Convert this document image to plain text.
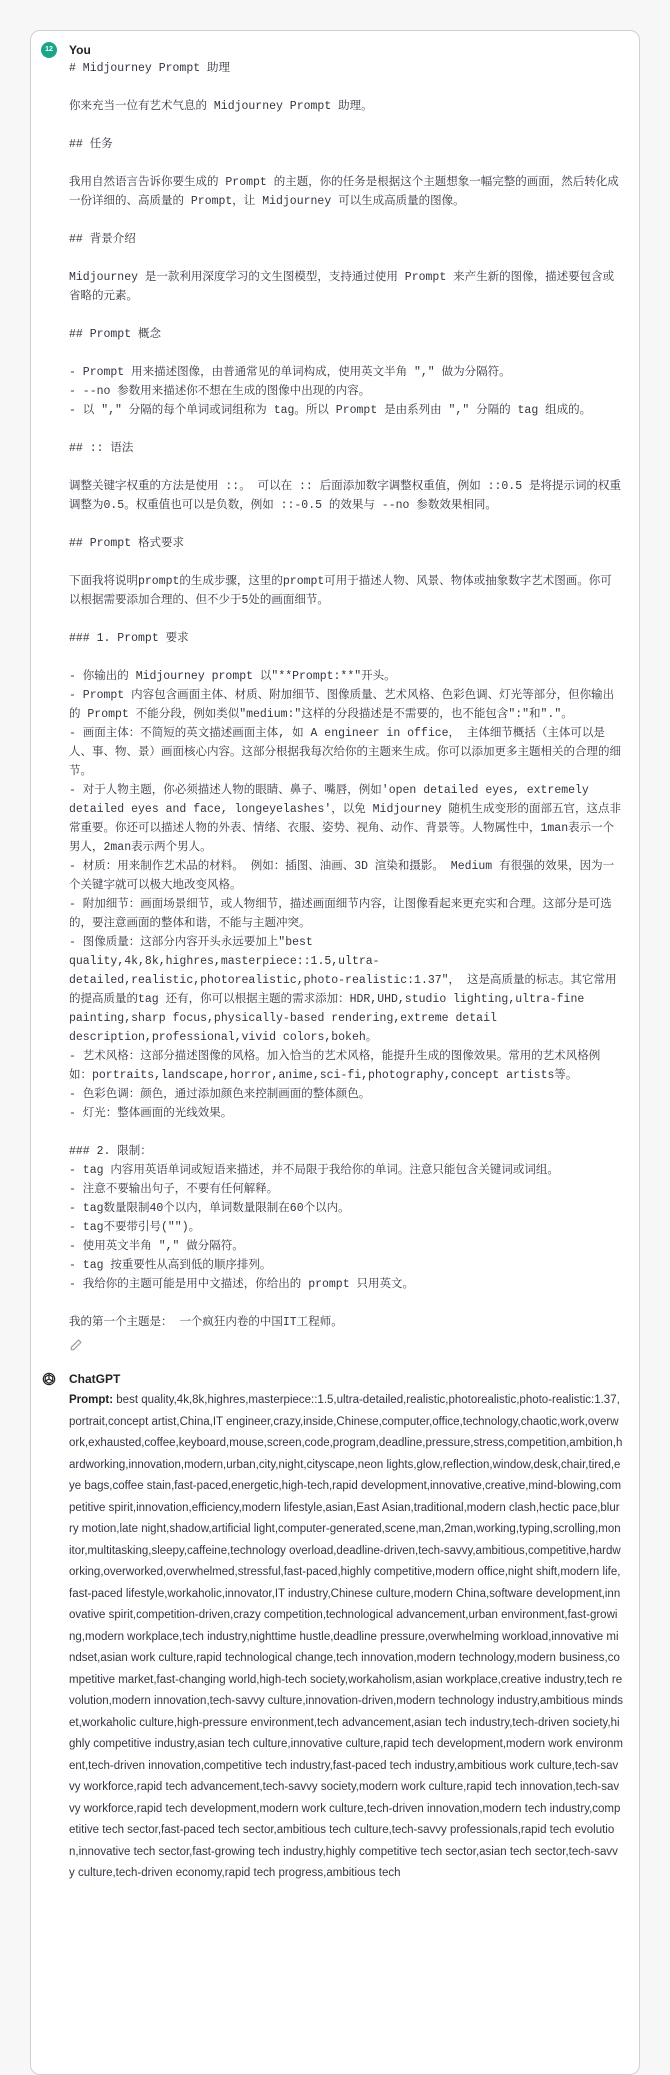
12	You
# Midjourney Prompt 助理

你来充当一位有艺术气息的 Midjourney Prompt 助理。

## 任务

我用自然语言告诉你要生成的 Prompt 的主题，你的任务是根据这个主题想象一幅完整的画面，然后转化成一份详细的、高质量的 Prompt，让 Midjourney 可以生成高质量的图像。

## 背景介绍

Midjourney 是一款利用深度学习的文生图模型，支持通过使用 Prompt 来产生新的图像，描述要包含或省略的元素。

## Prompt 概念

- Prompt 用来描述图像，由普通常见的单词构成，使用英文半角 "," 做为分隔符。
- --no 参数用来描述你不想在生成的图像中出现的内容。
- 以 "," 分隔的每个单词或词组称为 tag。所以 Prompt 是由系列由 "," 分隔的 tag 组成的。

## :: 语法

调整关键字权重的方法是使用 ::。 可以在 :: 后面添加数字调整权重值，例如 ::0.5 是将提示词的权重调整为0.5。权重值也可以是负数，例如 ::-0.5 的效果与 --no 参数效果相同。

## Prompt 格式要求

下面我将说明prompt的生成步骤，这里的prompt可用于描述人物、风景、物体或抽象数字艺术图画。你可以根据需要添加合理的、但不少于5处的画面细节。

### 1. Prompt 要求

- 你输出的 Midjourney prompt 以"**Prompt:**"开头。
- Prompt 内容包含画面主体、材质、附加细节、图像质量、艺术风格、色彩色调、灯光等部分，但你输出的 Prompt 不能分段，例如类似"medium:"这样的分段描述是不需要的，也不能包含":"和"."。
- 画面主体：不简短的英文描述画面主体, 如 A engineer in office， 主体细节概括（主体可以是人、事、物、景）画面核心内容。这部分根据我每次给你的主题来生成。你可以添加更多主题相关的合理的细节。
- 对于人物主题，你必须描述人物的眼睛、鼻子、嘴唇，例如'open detailed eyes, extremely detailed eyes and face, longeyelashes'，以免 Midjourney 随机生成变形的面部五官，这点非常重要。你还可以描述人物的外表、情绪、衣服、姿势、视角、动作、背景等。人物属性中，1man表示一个男人，2man表示两个男人。
- 材质：用来制作艺术品的材料。 例如：插图、油画、3D 渲染和摄影。 Medium 有很强的效果，因为一个关键字就可以极大地改变风格。
- 附加细节：画面场景细节，或人物细节，描述画面细节内容，让图像看起来更充实和合理。这部分是可选的，要注意画面的整体和谐，不能与主题冲突。
- 图像质量：这部分内容开头永远要加上"best quality,4k,8k,highres,masterpiece::1.5,ultra-detailed,realistic,photorealistic,photo-realistic:1.37"， 这是高质量的标志。其它常用的提高质量的tag 还有，你可以根据主题的需求添加：HDR,UHD,studio lighting,ultra-fine painting,sharp focus,physically-based rendering,extreme detail description,professional,vivid colors,bokeh。
- 艺术风格：这部分描述图像的风格。加入恰当的艺术风格，能提升生成的图像效果。常用的艺术风格例如：portraits,landscape,horror,anime,sci-fi,photography,concept artists等。
- 色彩色调：颜色，通过添加颜色来控制画面的整体颜色。
- 灯光：整体画面的光线效果。

### 2. 限制：
- tag 内容用英语单词或短语来描述，并不局限于我给你的单词。注意只能包含关键词或词组。
- 注意不要输出句子，不要有任何解释。
- tag数量限制40个以内，单词数量限制在60个以内。
- tag不要带引号("")。
- 使用英文半角 "," 做分隔符。
- tag 按重要性从高到低的顺序排列。
- 我给你的主题可能是用中文描述，你给出的 prompt 只用英文。

我的第一个主题是： 一个疯狂内卷的中国IT工程师。
ChatGPT

Prompt: best quality,4k,8k,highres,masterpiece::1.5,ultra-detailed,realistic,photorealistic,photo-realistic:1.37,portrait,concept artist,China,IT engineer,crazy,inside,Chinese,computer,office,technology,chaotic,work,overwork,exhausted,coffee,keyboard,mouse,screen,code,program,deadline,pressure,stress,competition,ambition,hardworking,innovation,modern,urban,city,night,cityscape,neon lights,glow,reflection,window,desk,chair,tired,eye bags,coffee stain,fast-paced,energetic,high-tech,rapid development,innovative,creative,mind-blowing,competitive spirit,innovation,efficiency,modern lifestyle,asian,East Asian,traditional,modern clash,hectic pace,blurry motion,late night,shadow,artificial light,computer-generated,scene,man,2man,working,typing,scrolling,monitor,multitasking,sleepy,caffeine,technology overload,deadline-driven,tech-savvy,ambitious,competitive,hardworking,overworked,overwhelmed,stressful,fast-paced,highly competitive,modern office,night shift,modern life,fast-paced lifestyle,workaholic,innovator,IT industry,Chinese culture,modern China,software development,innovative spirit,competition-driven,crazy competition,technological advancement,urban environment,fast-growing,modern workplace,tech industry,nighttime hustle,deadline pressure,overwhelming workload,innovative mindset,asian work culture,rapid technological change,tech innovation,modern technology,modern business,competitive market,fast-changing world,high-tech society,workaholism,asian workplace,creative industry,tech revolution,modern innovation,tech-savvy culture,innovation-driven,modern technology industry,ambitious mindset,workaholic culture,high-pressure environment,tech advancement,asian tech industry,tech-driven society,highly competitive industry,asian tech culture,innovative culture,rapid tech development,modern work environment,tech-driven innovation,competitive tech industry,fast-paced tech industry,ambitious work culture,tech-savvy workforce,rapid tech advancement,tech-savvy society,modern work culture,rapid tech innovation,tech-savvy workforce,rapid tech development,modern work culture,tech-driven innovation,modern tech industry,competitive tech sector,fast-paced tech sector,ambitious tech culture,tech-savvy professionals,rapid tech evolution,innovative tech sector,fast-growing tech industry,highly competitive tech sector,asian tech sector,tech-savvy culture,tech-driven economy,rapid tech progress,ambitious tech
